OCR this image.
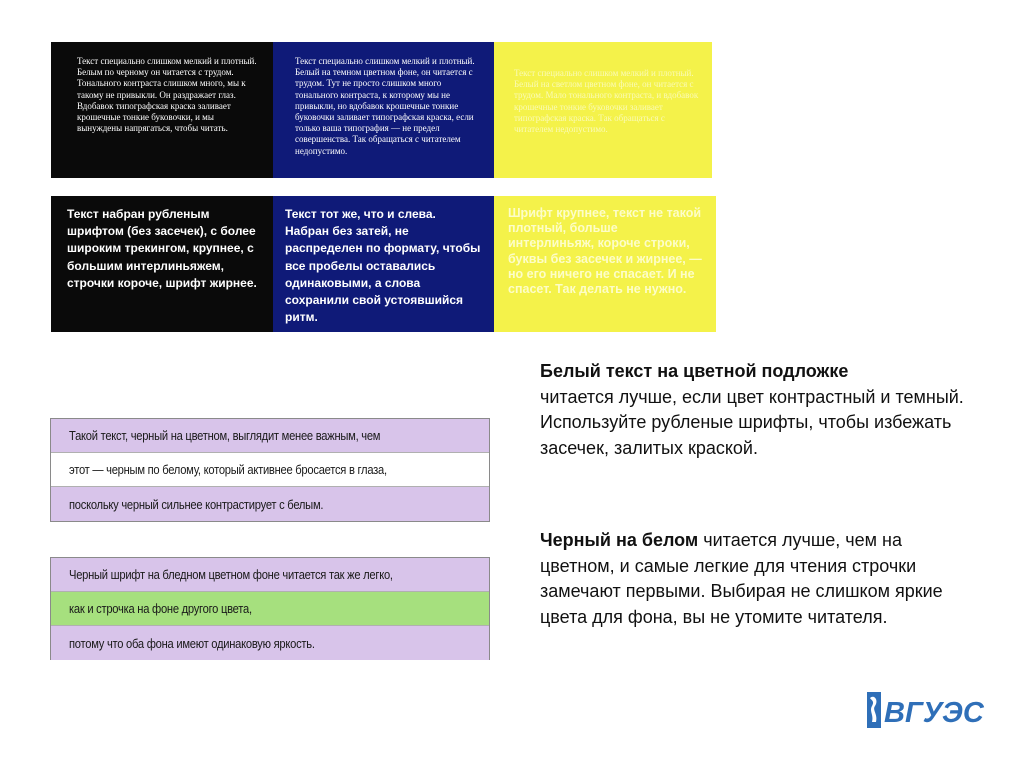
Текст специально слишком мелкий и плотный. Белым по черному он читается с трудом. Тонального контраста слишком много, мы к такому не привыкли. Он раздражает глаз. Вдобавок типографская краска заливает крошечные тонкие буковочки, и мы вынуждены напрягаться, чтобы читать.
Текст специально слишком мелкий и плотный. Белый на темном цветном фоне, он читается с трудом. Тут не просто слишком много тонального контраста, к которому мы не привыкли, но вдобавок крошечные тонкие буковочки заливает типографская краска, если только ваша типография — не предел совершенства. Так обращаться с читателем недопустимо.
Текст специально слишком мелкий и плотный. Белый на светлом цветном фоне, он читается с трудом. Мало тонального контраста, и вдобавок крошечные тонкие буковочки заливает типографская краска. Так обращаться с читателем недопустимо.
Текст набран рубленым шрифтом (без засечек), с более широким трекингом, крупнее, с большим интерлиньяжем, строчки короче, шрифт жирнее.
Текст тот же, что и слева. Набран без затей, не распределен по формату, чтобы все пробелы оставались одинаковыми, а слова сохранили свой устоявшийся ритм.
Шрифт крупнее, текст не такой плотный, больше интерлиньяж, короче строки, буквы без засечек и жирнее, — но его ничего не спасает. И не спасет. Так делать не нужно.
Такой текст, черный на цветном, выглядит менее важным, чем
этот — черным по белому, который активнее бросается в глаза,
поскольку черный сильнее контрастирует с белым.
Черный шрифт на бледном цветном фоне читается так же легко,
как и строчка на фоне другого цвета,
потому что оба фона имеют одинаковую яркость.
Белый текст на цветной подложке
читается лучше, если цвет контрастный и темный. Используйте рубленые шрифты, чтобы избежать засечек, залитых краской.
Черный на белом читается лучше, чем на цветном, и самые легкие для чтения строчки замечают первыми. Выбирая не слишком яркие цвета для фона, вы не утомите читателя.
ВГУЭС
